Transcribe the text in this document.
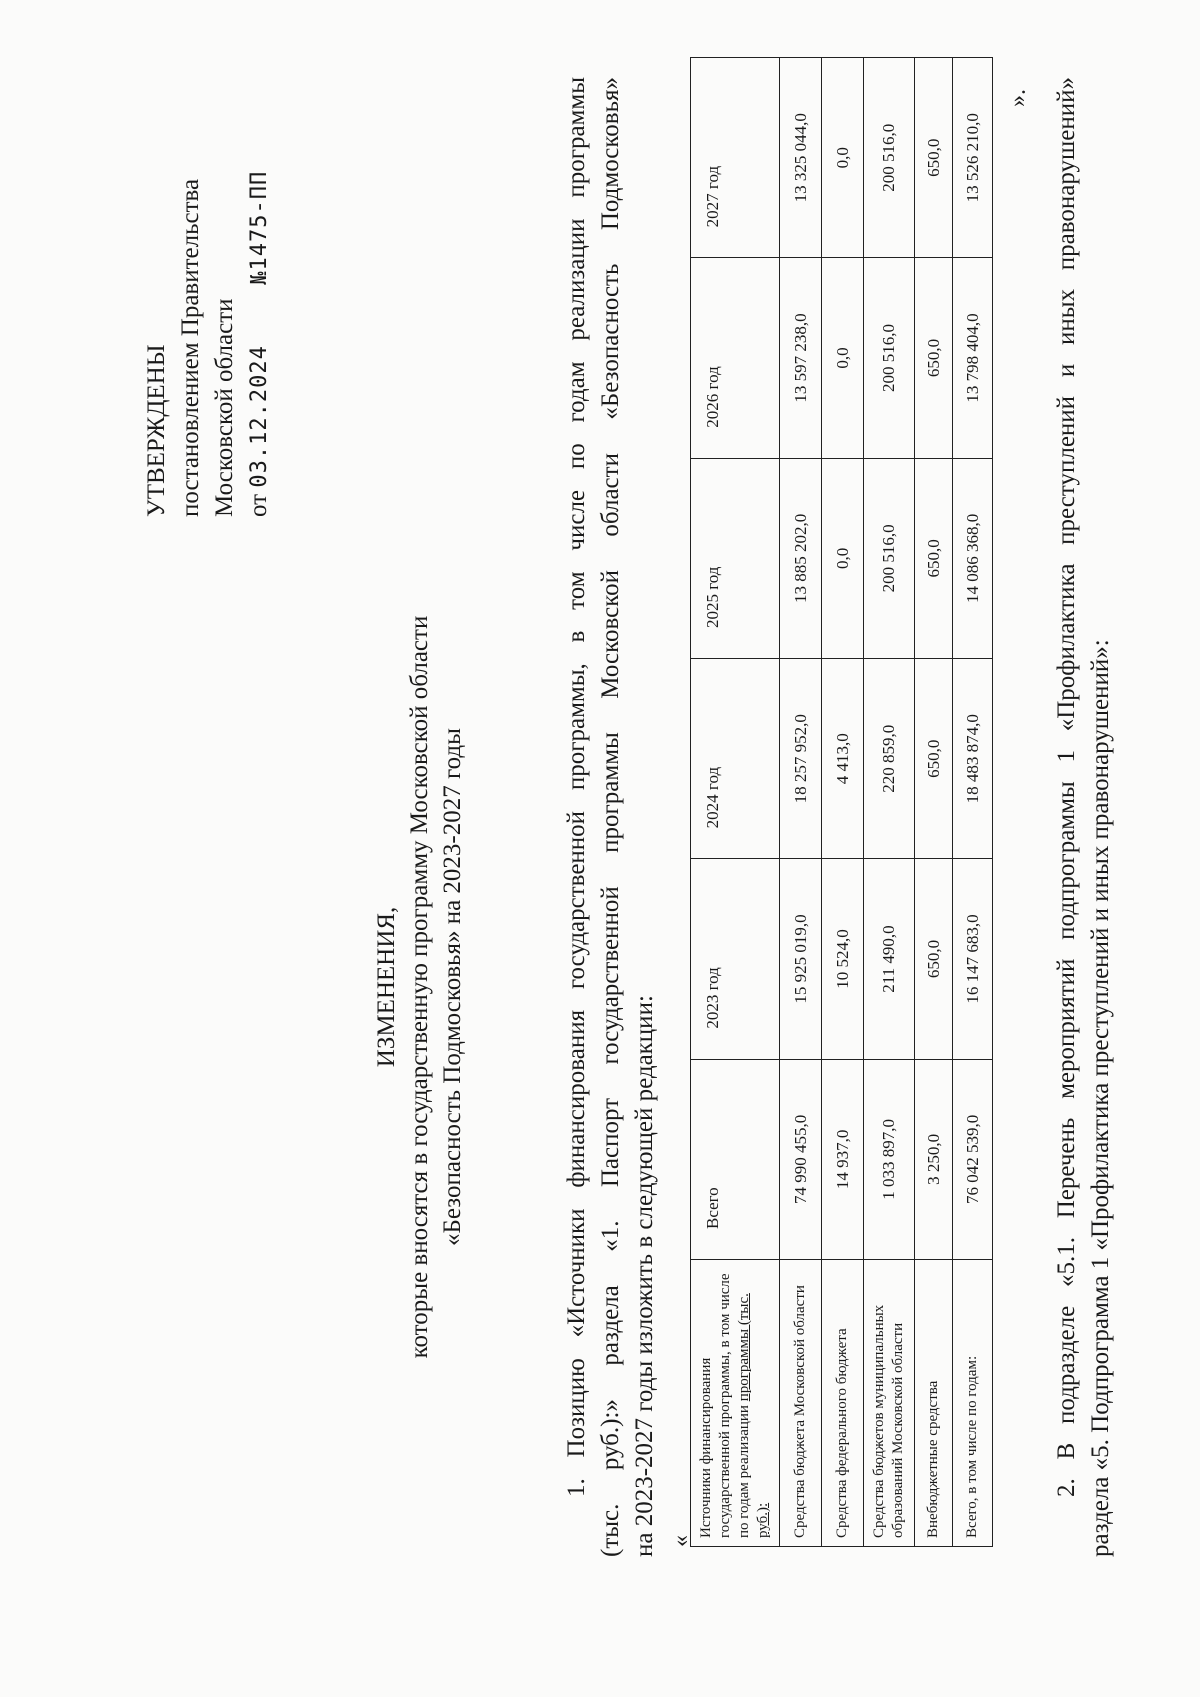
УТВЕРЖДЕНЫ постановлением Правительства Московской области от 03.12.2024  №1475-ПП
ИЗМЕНЕНИЯ, которые вносятся в государственную программу Московской области «Безопасность Подмосковья» на 2023-2027 годы	1. Позицию «Источники финансирования государственной программы, в том числе по годам реализации программы (тыс. руб.):» раздела «1. Паспорт государственной программы Московской области «Безопасность Подмосковья» на 2023-2027 годы изложить в следующей редакции: «
Источники финансирования государственной программы, в том числе по годам реализации программы (тыс. руб.):	Всего	2023 год	2024 год	2025 год	2026 год	2027 год
Средства бюджета Московской области	74 990 455,0	15 925 019,0	18 257 952,0	13 885 202,0	13 597 238,0	13 325 044,0
Средства федерального бюджета	14 937,0	10 524,0	4 413,0	0,0	0,0	0,0
Средства бюджетов муниципальных образований Московской области	1 033 897,0	211 490,0	220 859,0	200 516,0	200 516,0	200 516,0
Внебюджетные средства	3 250,0	650,0	650,0	650,0	650,0	650,0
Всего, в том числе по годам:	76 042 539,0	16 147 683,0	18 483 874,0	14 086 368,0	13 798 404,0	13 526 210,0
». 2. В подразделе «5.1. Перечень мероприятий подпрограммы 1 «Профилактика преступлений и иных правонарушений» раздела «5. Подпрограмма 1 «Профилактика преступлений и иных правонарушений»:
